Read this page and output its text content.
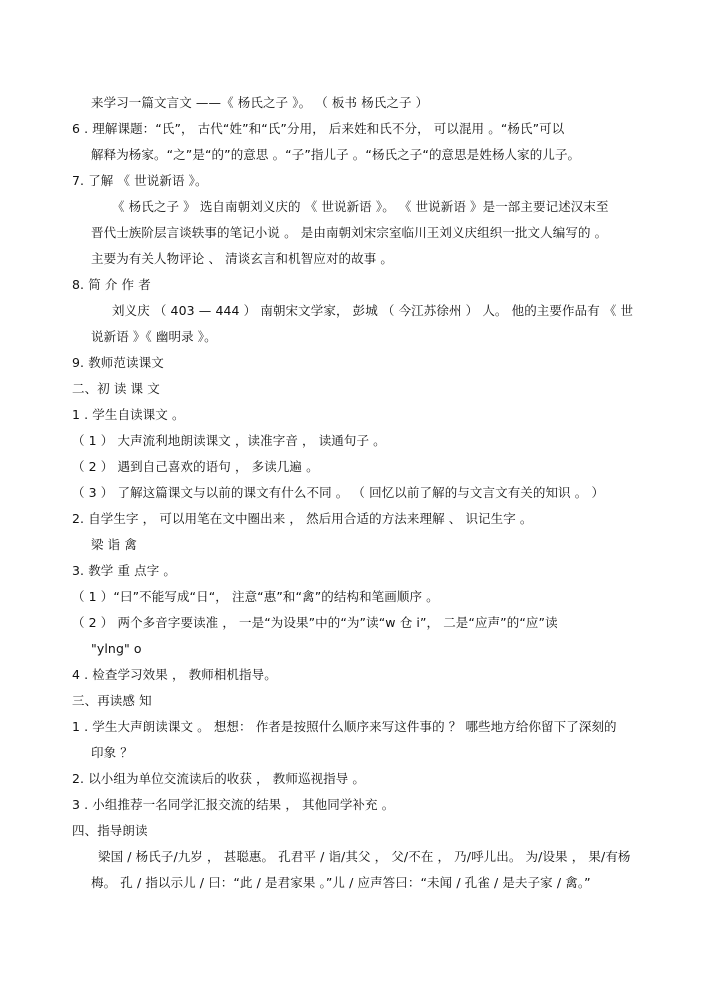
来学习一篇文言文 ——《 杨氏之子 》。 （ 板书 杨氏之子 ）
6 . 理解课题：“氏”， 古代“姓”和“氏”分用， 后来姓和氏不分， 可以混用 。“杨氏”可以
解释为杨家。“之”是“的”的意思 。“子”指儿子 。“杨氏之子“的意思是姓杨人家的儿子。
7. 了解 《 世说新语 》。
《 杨氏之子 》 选自南朝刘义庆的 《 世说新语 》。 《 世说新语 》是一部主要记述汉末至
晋代士族阶层言谈轶事的笔记小说 。 是由南朝刘宋宗室临川王刘义庆组织一批文人编写的 。
主要为有关人物评论 、 清谈玄言和机智应对的故事 。
8. 简 介 作 者
刘义庆 （ 403 — 444 ） 南朝宋文学家， 彭城 （ 今江苏徐州 ） 人。 他的主要作品有 《 世
说新语 》《 幽明录 》。
9. 教师范读课文
二、初 读 课 文
1 . 学生自读课文 。
（ 1 ） 大声流利地朗读课文 ，读准字音 ， 读通句子 。
（ 2 ） 遇到自己喜欢的语句 ， 多读几遍 。
（ 3 ） 了解这篇课文与以前的课文有什么不同 。 （ 回忆以前了解的与文言文有关的知识 。 ）
2. 自学生字 ， 可以用笔在文中圈出来 ， 然后用合适的方法来理解 、 识记生字 。
梁 诣 禽
3. 教学 重 点字 。
（ 1 ）“曰”不能写成“日“， 注意“惠”和“禽”的结构和笔画顺序 。
（ 2 ） 两个多音字要读准 ， 一是“为设果”中的“为”读“w 仓 i”， 二是“应声”的“应”读
"ylng" o
4 . 检查学习效果 ， 教师相机指导。
三、再读感 知
1 . 学生大声朗读课文 。 想想： 作者是按照什么顺序来写这件事的 ？ 哪些地方给你留下了深刻的
印象 ？
2. 以小组为单位交流读后的收获 ， 教师巡视指导 。
3 . 小组推荐一名同学汇报交流的结果 ， 其他同学补充 。
四、指导朗读
梁国 / 杨氏子/九岁 ， 甚聪惠。 孔君平 / 诣/其父 ， 父/不在 ， 乃/呼儿出。 为/设果 ， 果/有杨
梅。 孔 / 指以示儿 / 曰：“此 / 是君家果 。”儿 / 应声答曰：“未闻 / 孔雀 / 是夫子家 / 禽。”
